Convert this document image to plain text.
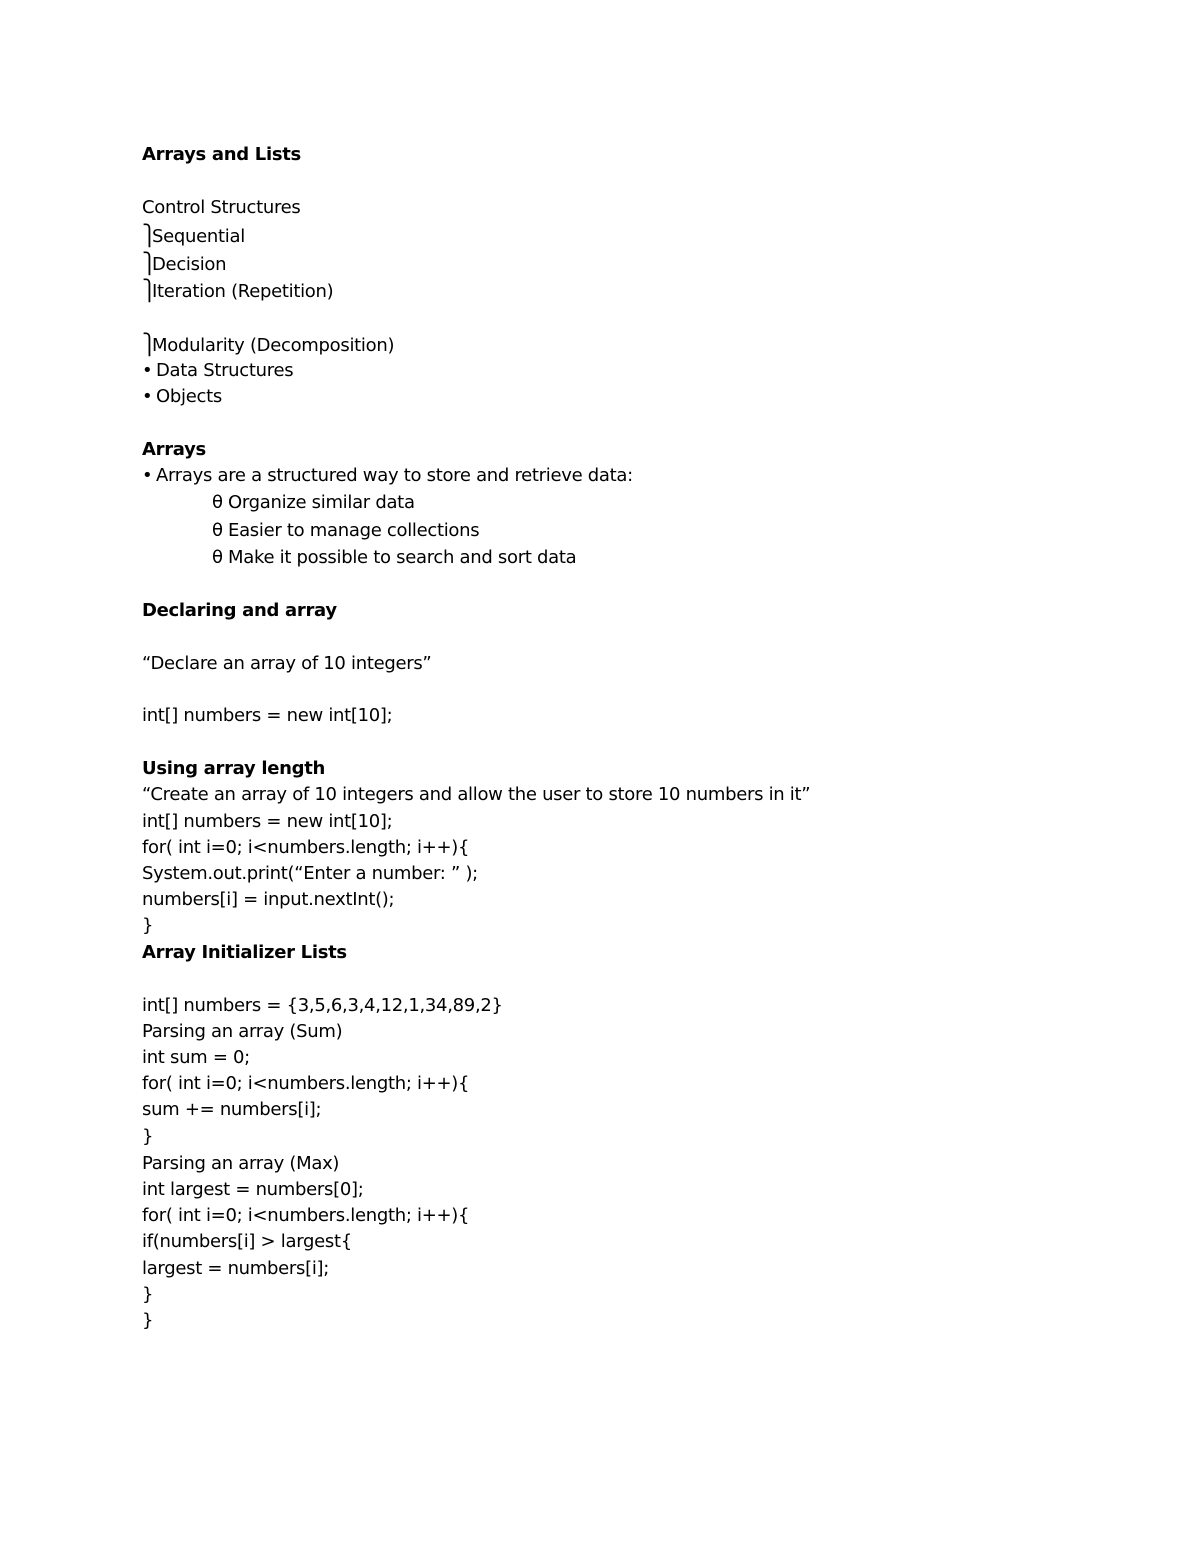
Arrays and Lists
Control Structures
⎫Sequential
⎫Decision
⎫Iteration (Repetition)
⎫Modularity (Decomposition)
• Data Structures
• Objects
Arrays
• Arrays are a structured way to store and retrieve data:
θ Organize similar data
θ Easier to manage collections
θ Make it possible to search and sort data
Declaring and array
“Declare an array of 10 integers”
int[] numbers = new int[10];
Using array length
“Create an array of 10 integers and allow the user to store 10 numbers in it”
int[] numbers = new int[10];
for( int i=0; i<numbers.length; i++){
System.out.print(“Enter a number: ” );
numbers[i] = input.nextInt();
}
Array Initializer Lists
int[] numbers = {3,5,6,3,4,12,1,34,89,2}
Parsing an array (Sum)
int sum = 0;
for( int i=0; i<numbers.length; i++){
sum += numbers[i];
}
Parsing an array (Max)
int largest = numbers[0];
for( int i=0; i<numbers.length; i++){
if(numbers[i] > largest{
largest = numbers[i];
}
}
